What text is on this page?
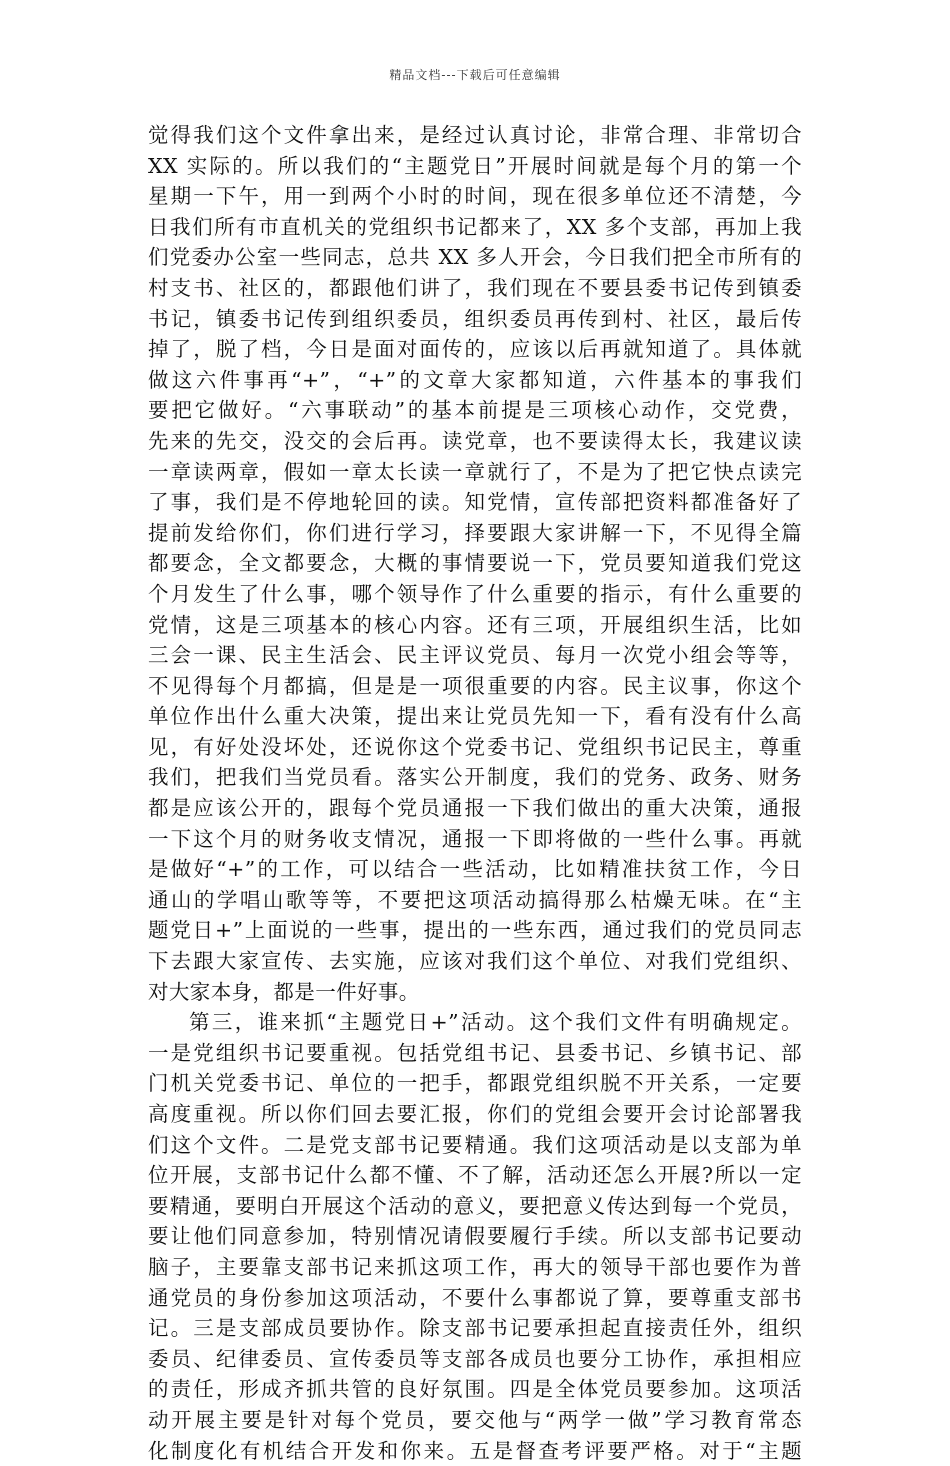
精品文档---下载后可任意编辑
觉得我们这个文件拿出来，是经过认真讨论，非常合理、非常切合
XX 实际的。所以我们的“主题党日”开展时间就是每个月的第一个
星期一下午，用一到两个小时的时间，现在很多单位还不清楚，今
日我们所有市直机关的党组织书记都来了，XX 多个支部，再加上我
们党委办公室一些同志，总共 XX 多人开会，今日我们把全市所有的
村支书、社区的，都跟他们讲了，我们现在不要县委书记传到镇委
书记，镇委书记传到组织委员，组织委员再传到村、社区，最后传
掉了，脱了档，今日是面对面传的，应该以后再就知道了。具体就
做这六件事再“+”，“+”的文章大家都知道，六件基本的事我们
要把它做好。“六事联动”的基本前提是三项核心动作，交党费，
先来的先交，没交的会后再。读党章，也不要读得太长，我建议读
一章读两章，假如一章太长读一章就行了，不是为了把它快点读完
了事，我们是不停地轮回的读。知党情，宣传部把资料都准备好了
提前发给你们，你们进行学习，择要跟大家讲解一下，不见得全篇
都要念，全文都要念，大概的事情要说一下，党员要知道我们党这
个月发生了什么事，哪个领导作了什么重要的指示，有什么重要的
党情，这是三项基本的核心内容。还有三项，开展组织生活，比如
三会一课、民主生活会、民主评议党员、每月一次党小组会等等，
不见得每个月都搞，但是是一项很重要的内容。民主议事，你这个
单位作出什么重大决策，提出来让党员先知一下，看有没有什么高
见，有好处没坏处，还说你这个党委书记、党组织书记民主，尊重
我们，把我们当党员看。落实公开制度，我们的党务、政务、财务
都是应该公开的，跟每个党员通报一下我们做出的重大决策，通报
一下这个月的财务收支情况，通报一下即将做的一些什么事。再就
是做好“+”的工作，可以结合一些活动，比如精准扶贫工作，今日
通山的学唱山歌等等，不要把这项活动搞得那么枯燥无味。在“主
题党日+”上面说的一些事，提出的一些东西，通过我们的党员同志
下去跟大家宣传、去实施，应该对我们这个单位、对我们党组织、
对大家本身，都是一件好事。
第三，谁来抓“主题党日+”活动。这个我们文件有明确规定。
一是党组织书记要重视。包括党组书记、县委书记、乡镇书记、部
门机关党委书记、单位的一把手，都跟党组织脱不开关系，一定要
高度重视。所以你们回去要汇报，你们的党组会要开会讨论部署我
们这个文件。二是党支部书记要精通。我们这项活动是以支部为单
位开展，支部书记什么都不懂、不了解，活动还怎么开展?所以一定
要精通，要明白开展这个活动的意义，要把意义传达到每一个党员，
要让他们同意参加，特别情况请假要履行手续。所以支部书记要动
脑子，主要靠支部书记来抓这项工作，再大的领导干部也要作为普
通党员的身份参加这项活动，不要什么事都说了算，要尊重支部书
记。三是支部成员要协作。除支部书记要承担起直接责任外，组织
委员、纪律委员、宣传委员等支部各成员也要分工协作，承担相应
的责任，形成齐抓共管的良好氛围。四是全体党员要参加。这项活
动开展主要是针对每个党员，要交他与“两学一做”学习教育常态
化制度化有机结合开发和你来。五是督查考评要严格。对于“主题
